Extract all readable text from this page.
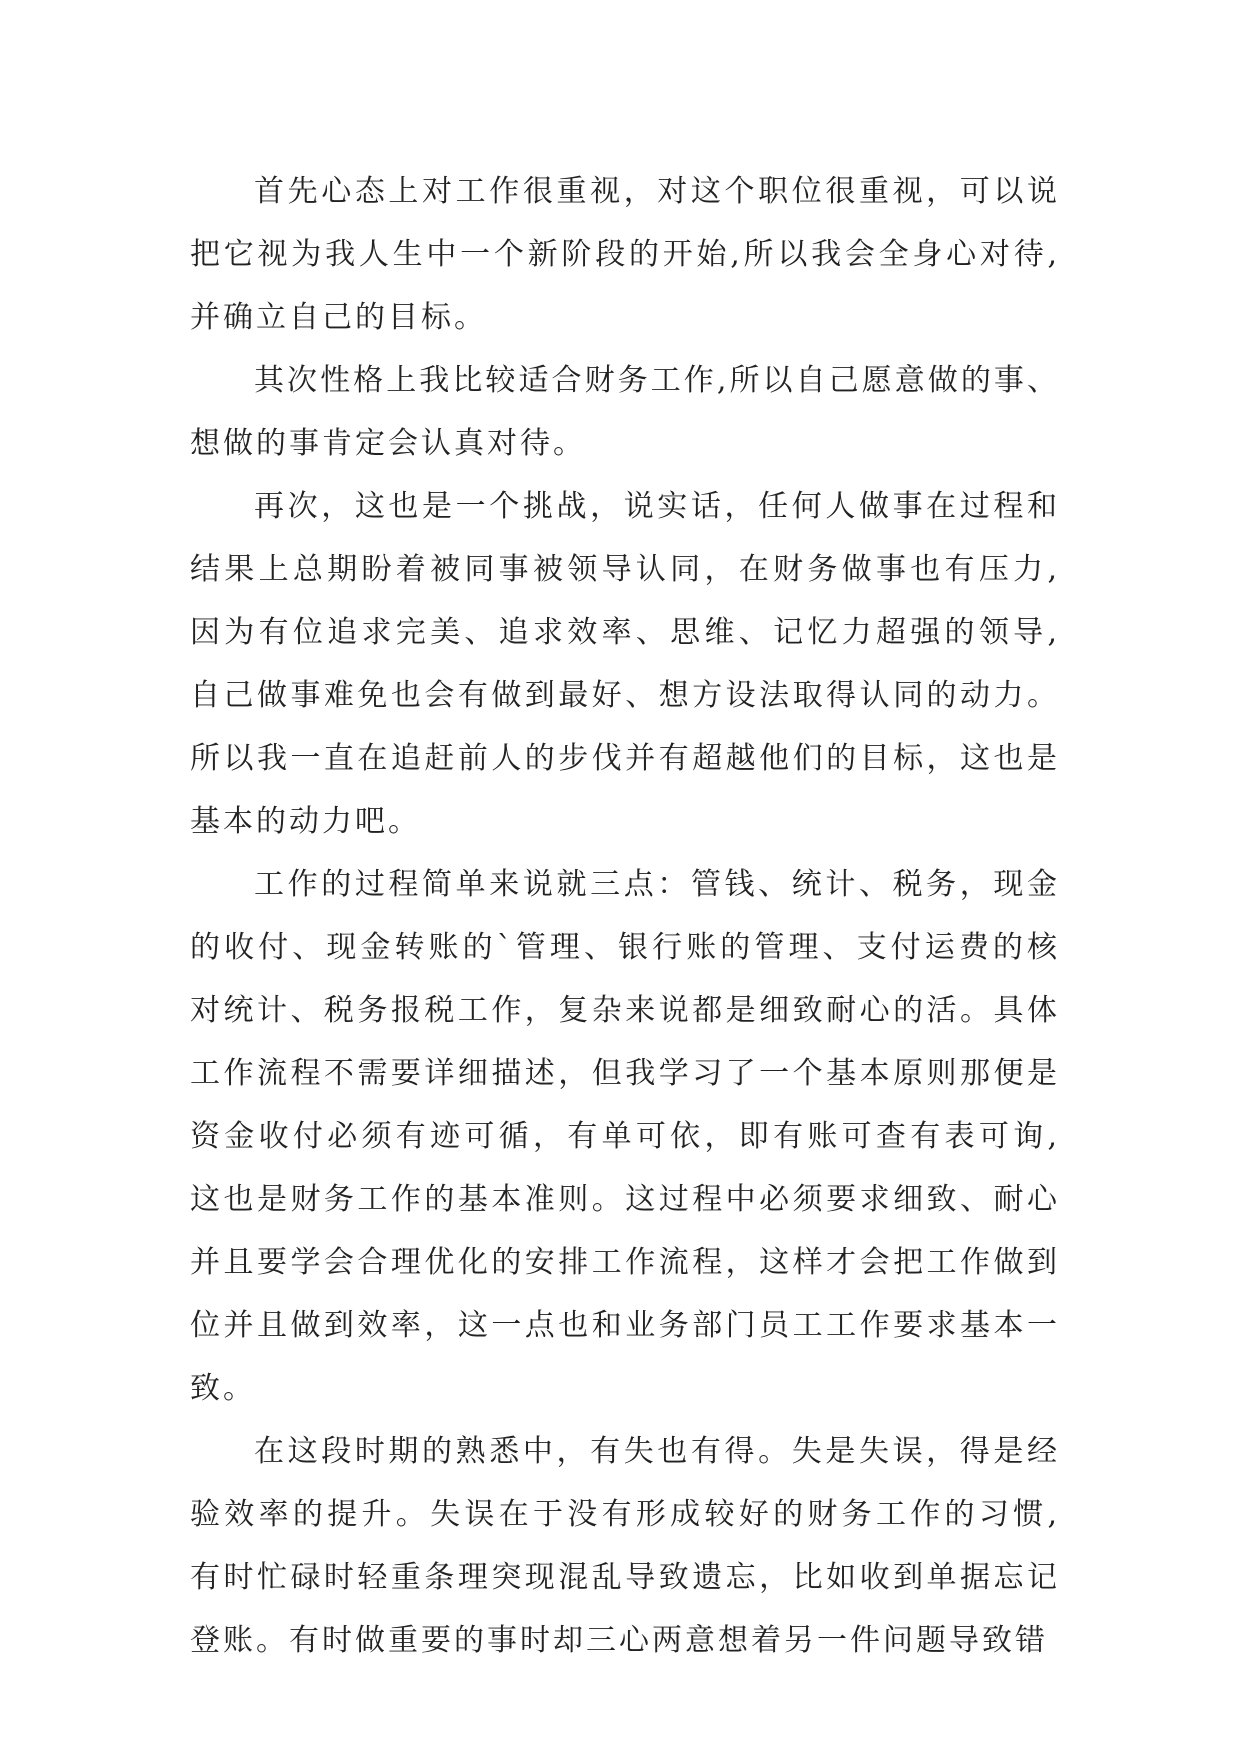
首先心态上对工作很重视，对这个职位很重视，可以说把它视为我人生中一个新阶段的开始,所以我会全身心对待,并确立自己的目标。

其次性格上我比较适合财务工作,所以自己愿意做的事、想做的事肯定会认真对待。

再次，这也是一个挑战，说实话，任何人做事在过程和结果上总期盼着被同事被领导认同，在财务做事也有压力,因为有位追求完美、追求效率、思维、记忆力超强的领导,自己做事难免也会有做到最好、想方设法取得认同的动力。所以我一直在追赶前人的步伐并有超越他们的目标，这也是基本的动力吧。

工作的过程简单来说就三点：管钱、统计、税务，现金的收付、现金转账的`管理、银行账的管理、支付运费的核对统计、税务报税工作，复杂来说都是细致耐心的活。具体工作流程不需要详细描述，但我学习了一个基本原则那便是资金收付必须有迹可循，有单可依，即有账可查有表可询,这也是财务工作的基本准则。这过程中必须要求细致、耐心并且要学会合理优化的安排工作流程，这样才会把工作做到位并且做到效率，这一点也和业务部门员工工作要求基本一致。

在这段时期的熟悉中，有失也有得。失是失误，得是经验效率的提升。失误在于没有形成较好的财务工作的习惯,有时忙碌时轻重条理突现混乱导致遗忘，比如收到单据忘记登账。有时做重要的事时却三心两意想着另一件问题导致错
